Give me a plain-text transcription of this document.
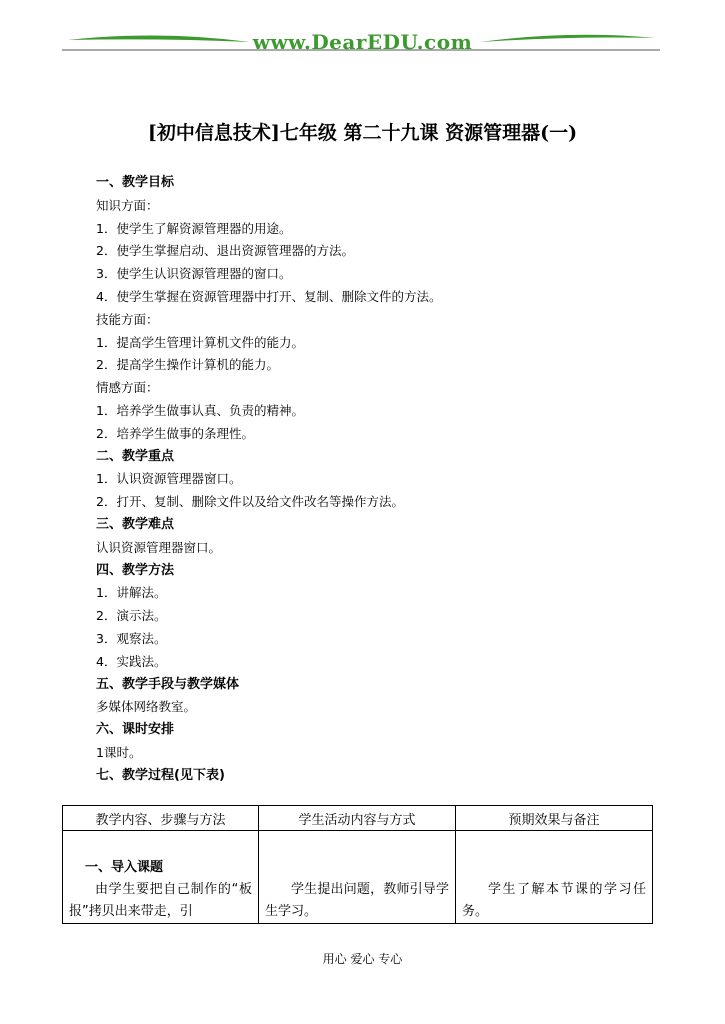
www.DearEDU.com
[初中信息技术]七年级 第二十九课 资源管理器(一)
一、教学目标
知识方面：
1．使学生了解资源管理器的用途。
2．使学生掌握启动、退出资源管理器的方法。
3．使学生认识资源管理器的窗口。
4．使学生掌握在资源管理器中打开、复制、删除文件的方法。
技能方面：
1．提高学生管理计算机文件的能力。
2．提高学生操作计算机的能力。
情感方面：
1．培养学生做事认真、负责的精神。
2．培养学生做事的条理性。
二、教学重点
1．认识资源管理器窗口。
2．打开、复制、删除文件以及给文件改名等操作方法。
三、教学难点
认识资源管理器窗口。
四、教学方法
1．讲解法。
2．演示法。
3．观察法。
4．实践法。
五、教学手段与教学媒体
多媒体网络教室。
六、课时安排
1课时。
七、教学过程(见下表)
教学内容、步骤与方法	学生活动内容与方式	预期效果与备注

一、导入课题
由学生要把自己制作的“板报”拷贝出来带走，引	学生提出问题，教师引导学生学习。	学生了解本节课的学习任务。
用心 爱心 专心
